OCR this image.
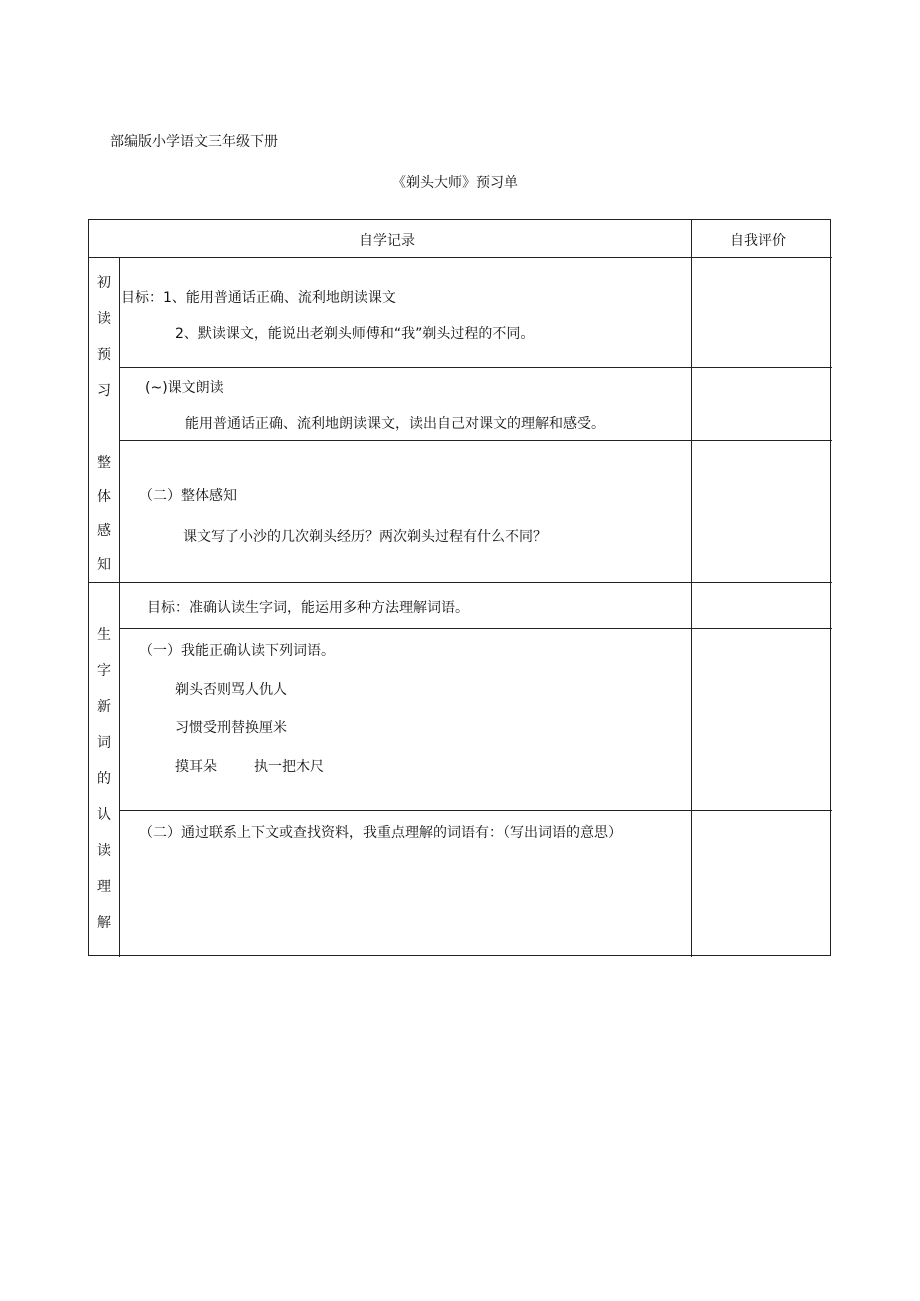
部编版小学语文三年级下册
《剃头大师》预习单
自学记录	自我评价
初
读
预
习
整
体
感
知
目标：1、能用普通话正确、流利地朗读课文
2、默读课文，能说出老剃头师傅和“我”剃头过程的不同。
(~)课文朗读
能用普通话正确、流利地朗读课文，读出自己对课文的理解和感受。
（二）整体感知
课文写了小沙的几次剃头经历？两次剃头过程有什么不同？
生
字
新
词
的
认
读
理
解
目标：准确认读生字词，能运用多种方法理解词语。
（一）我能正确认读下列词语。
剃头否则骂人仇人
习惯受刑替换厘米
摸耳朵	执一把木尺
（二）通过联系上下文或查找资料，我重点理解的词语有：（写出词语的意思）
